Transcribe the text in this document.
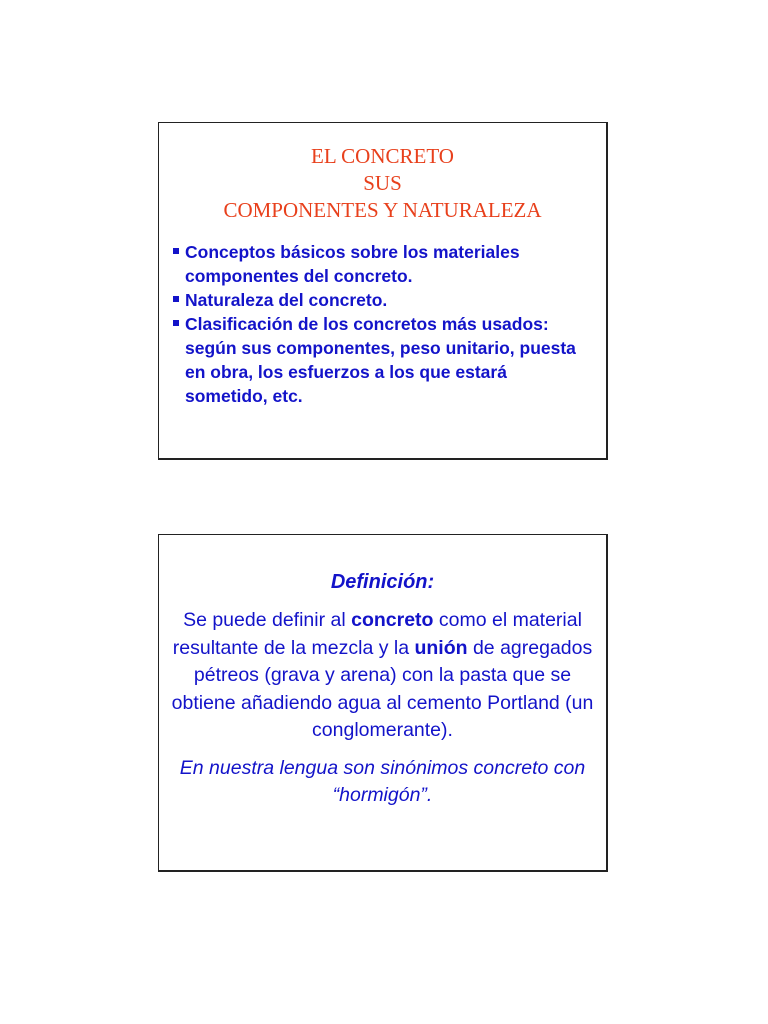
EL CONCRETO
SUS
COMPONENTES Y NATURALEZA
Conceptos básicos sobre los materiales componentes del concreto.
Naturaleza del concreto.
Clasificación de los concretos más usados: según sus componentes, peso unitario, puesta en obra, los esfuerzos a los que estará sometido, etc.
Definición:
Se puede definir al concreto como el material resultante de la mezcla y la unión de agregados pétreos (grava y arena) con la pasta que se obtiene añadiendo agua al cemento Portland (un conglomerante).
En nuestra lengua son sinónimos concreto con “hormigón”.
